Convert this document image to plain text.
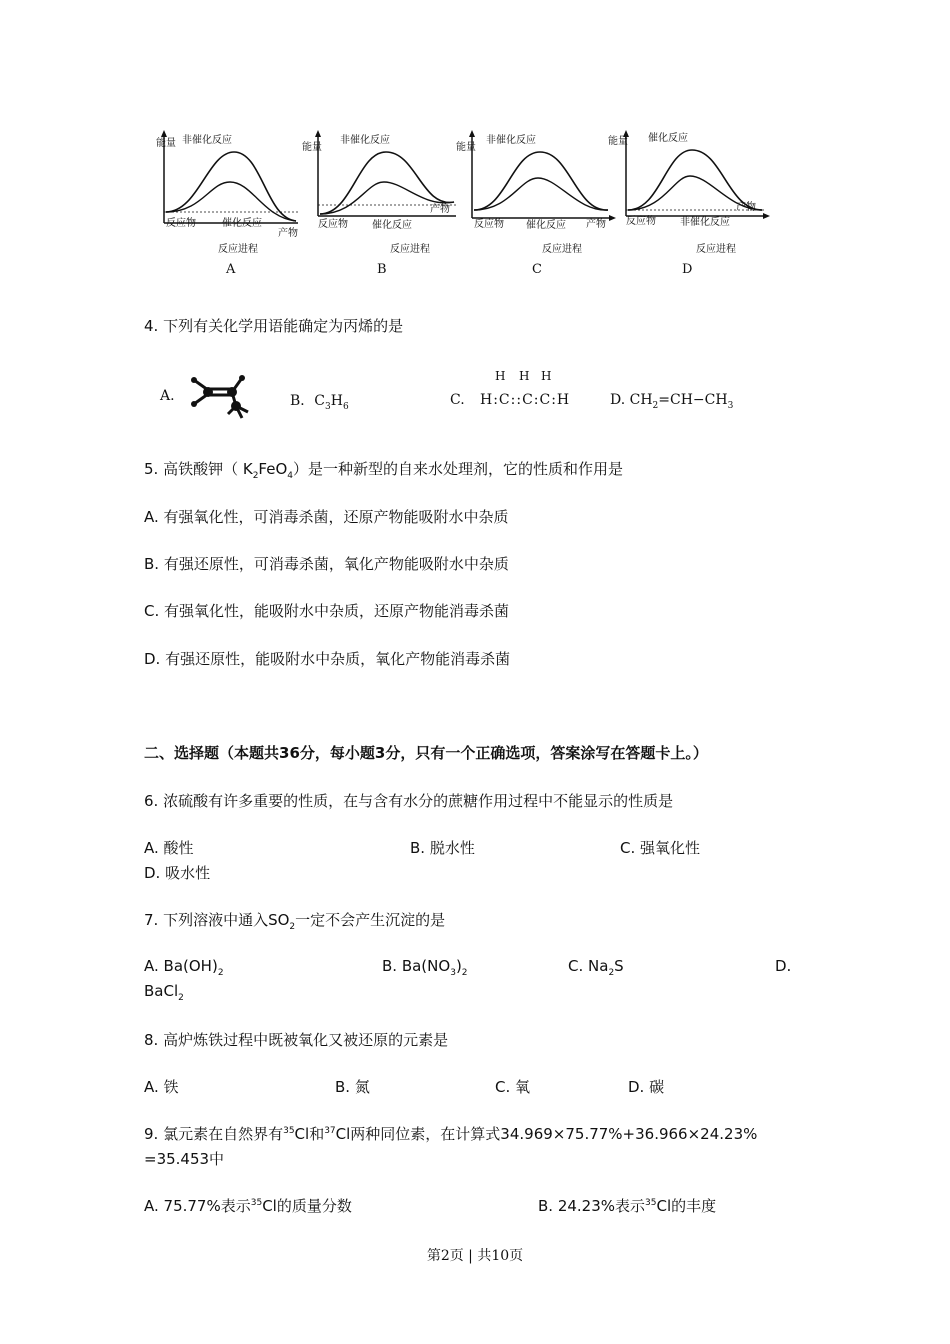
能量 非催化反应
反应物	催化反应
产物
反应进程
A
能量
非催化反应
反应物 催化反应
产物
反应进程
B
能量
非催化反应
反应物 催化反应 产物
反应进程
C
能量 催化反应
反应物 非催化反应
产物
反应进程
D
4. 下列有关化学用语能确定为丙烯的是
A.	B．$C_3H_6$	C.
H H H
H:C::C:C:H	D. $CH_2=CH-CH_3$
5. 高铁酸钾（ $K_2FeO_4$）是一种新型的自来水处理剂，它的性质和作用是
A. 有强氧化性，可消毒杀菌，还原产物能吸附水中杂质
B. 有强还原性，可消毒杀菌，氧化产物能吸附水中杂质
C. 有强氧化性，能吸附水中杂质，还原产物能消毒杀菌
D. 有强还原性，能吸附水中杂质，氧化产物能消毒杀菌
二、选择题（本题共36分，每小题3分，只有一个正确选项，答案涂写在答题卡上。）
6. 浓硫酸有许多重要的性质，在与含有水分的蔗糖作用过程中不能显示的性质是
A. 酸性	B. 脱水性	C. 强氧化性
D. 吸水性
7. 下列溶液中通入$SO_2$一定不会产生沉淀的是
A. $Ba(OH)_2$	B. $Ba(NO_3)_2$	C. $Na_2S$	D.
BaCl$_2$
8. 高炉炼铁过程中既被氧化又被还原的元素是
A. 铁	B. 氮	C. 氧	D. 碳
9. 氯元素在自然界有$^{35}$Cl和$^{37}$Cl两种同位素，在计算式34.969×75.77%+36.966×24.23%
=35.453中
A. 75.77%表示$^{35}$Cl的质量分数	B. 24.23%表示$^{35}$Cl的丰度
第2页 | 共10页
